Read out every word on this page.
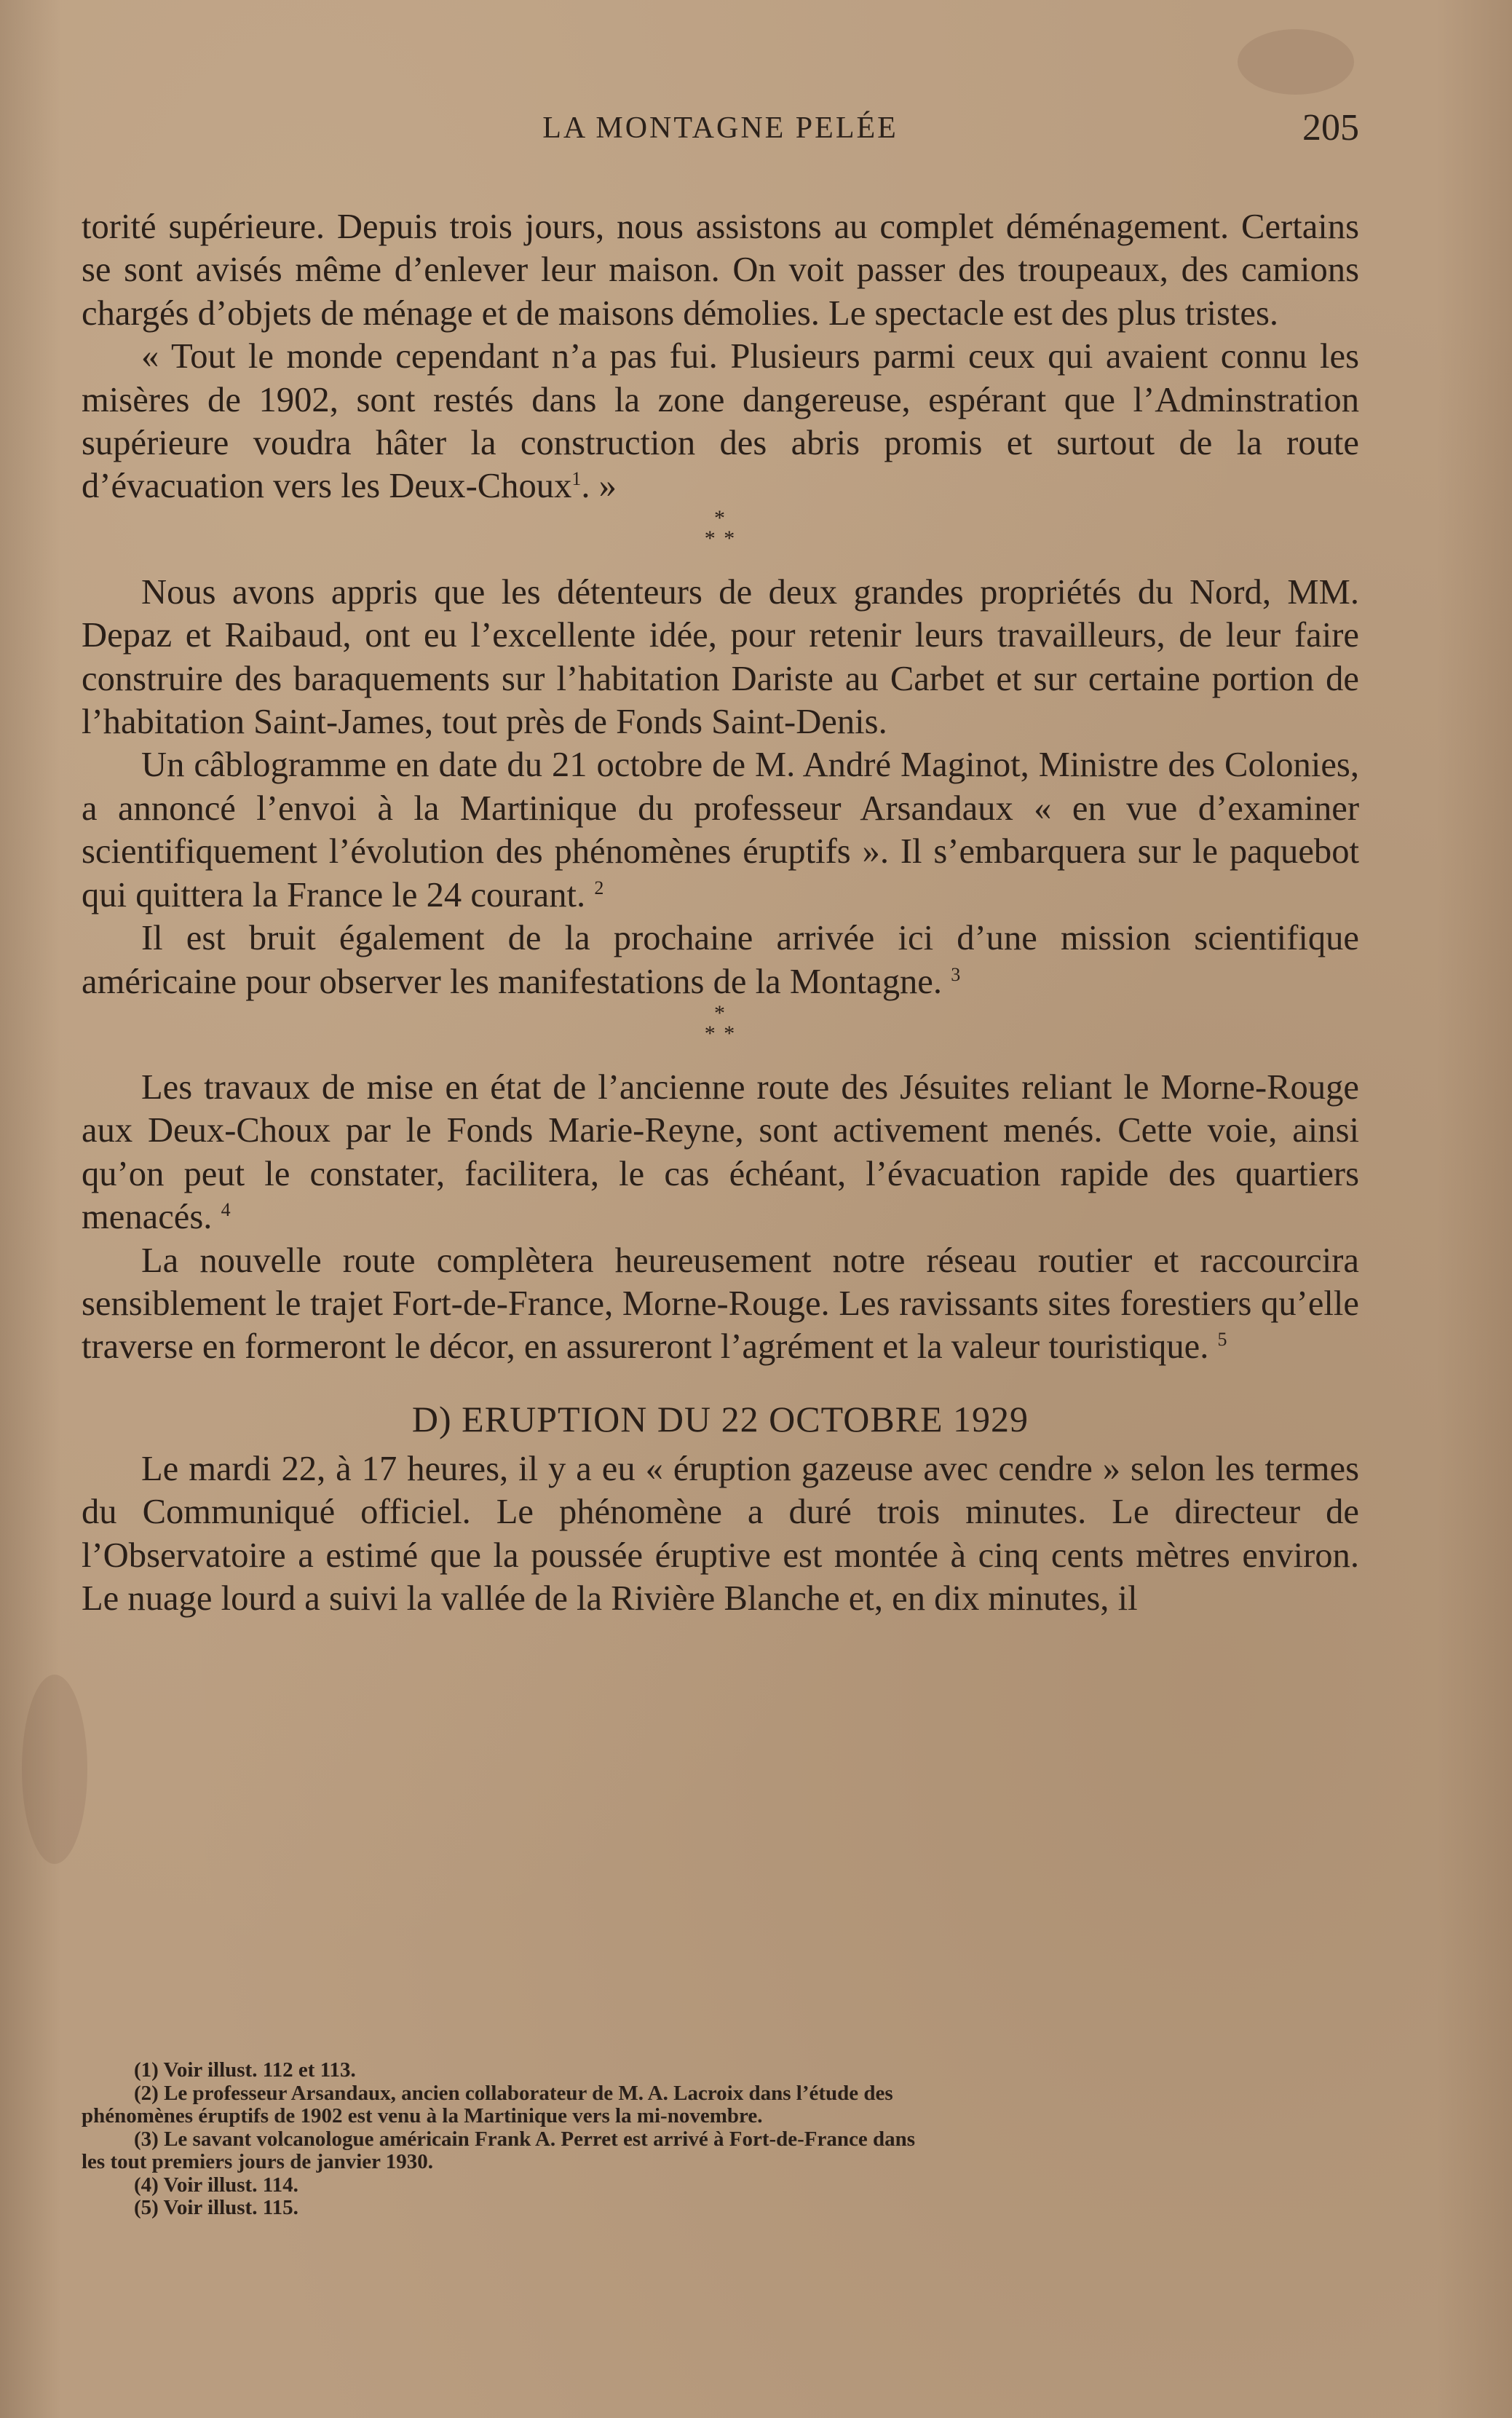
LA MONTAGNE PELÉE	205

torité supérieure. Depuis trois jours, nous assistons au complet déménagement. Certains se sont avisés même d’enlever leur maison. On voit passer des troupeaux, des camions chargés d’objets de ménage et de maisons démolies. Le spectacle est des plus tristes.

« Tout le monde cependant n’a pas fui. Plusieurs parmi ceux qui avaient connu les misères de 1902, sont restés dans la zone dangereuse, espérant que l’Adminstration supérieure voudra hâter la construction des abris promis et surtout de la route d’évacuation vers les Deux-Choux$^1$. »

*
* *

Nous avons appris que les détenteurs de deux grandes propriétés du Nord, MM. Depaz et Raibaud, ont eu l’excellente idée, pour retenir leurs travailleurs, de leur faire construire des baraquements sur l’habitation Dariste au Carbet et sur certaine portion de l’habitation Saint-James, tout près de Fonds Saint-Denis.

Un câblogramme en date du 21 octobre de M. André Maginot, Ministre des Colonies, a annoncé l’envoi à la Martinique du professeur Arsandaux « en vue d’examiner scientifiquement l’évolution des phénomènes éruptifs ». Il s’embarquera sur le paquebot qui quittera la France le 24 courant. $^2$

Il est bruit également de la prochaine arrivée ici d’une mission scientifique américaine pour observer les manifestations de la Montagne. $^3$

*
* *

Les travaux de mise en état de l’ancienne route des Jésuites reliant le Morne-Rouge aux Deux-Choux par le Fonds Marie-Reyne, sont activement menés. Cette voie, ainsi qu’on peut le constater, facilitera, le cas échéant, l’évacuation rapide des quartiers menacés. $^4$

La nouvelle route complètera heureusement notre réseau routier et raccourcira sensiblement le trajet Fort-de-France, Morne-Rouge. Les ravissants sites forestiers qu’elle traverse en formeront le décor, en assureront l’agrément et la valeur touristique. $^5$

D) ERUPTION DU 22 OCTOBRE 1929

Le mardi 22, à 17 heures, il y a eu « éruption gazeuse avec cendre » selon les termes du Communiqué officiel. Le phénomène a duré trois minutes. Le directeur de l’Observatoire a estimé que la poussée éruptive est montée à cinq cents mètres environ. Le nuage lourd a suivi la vallée de la Rivière Blanche et, en dix minutes, il

(1) Voir illust. 112 et 113.

(2) Le professeur Arsandaux, ancien collaborateur de M. A. Lacroix dans l’étude des

phénomènes éruptifs de 1902 est venu à la Martinique vers la mi-novembre.

(3) Le savant volcanologue américain Frank A. Perret est arrivé à Fort-de-France dans

les tout premiers jours de janvier 1930.

(4) Voir illust. 114.

(5) Voir illust. 115.
